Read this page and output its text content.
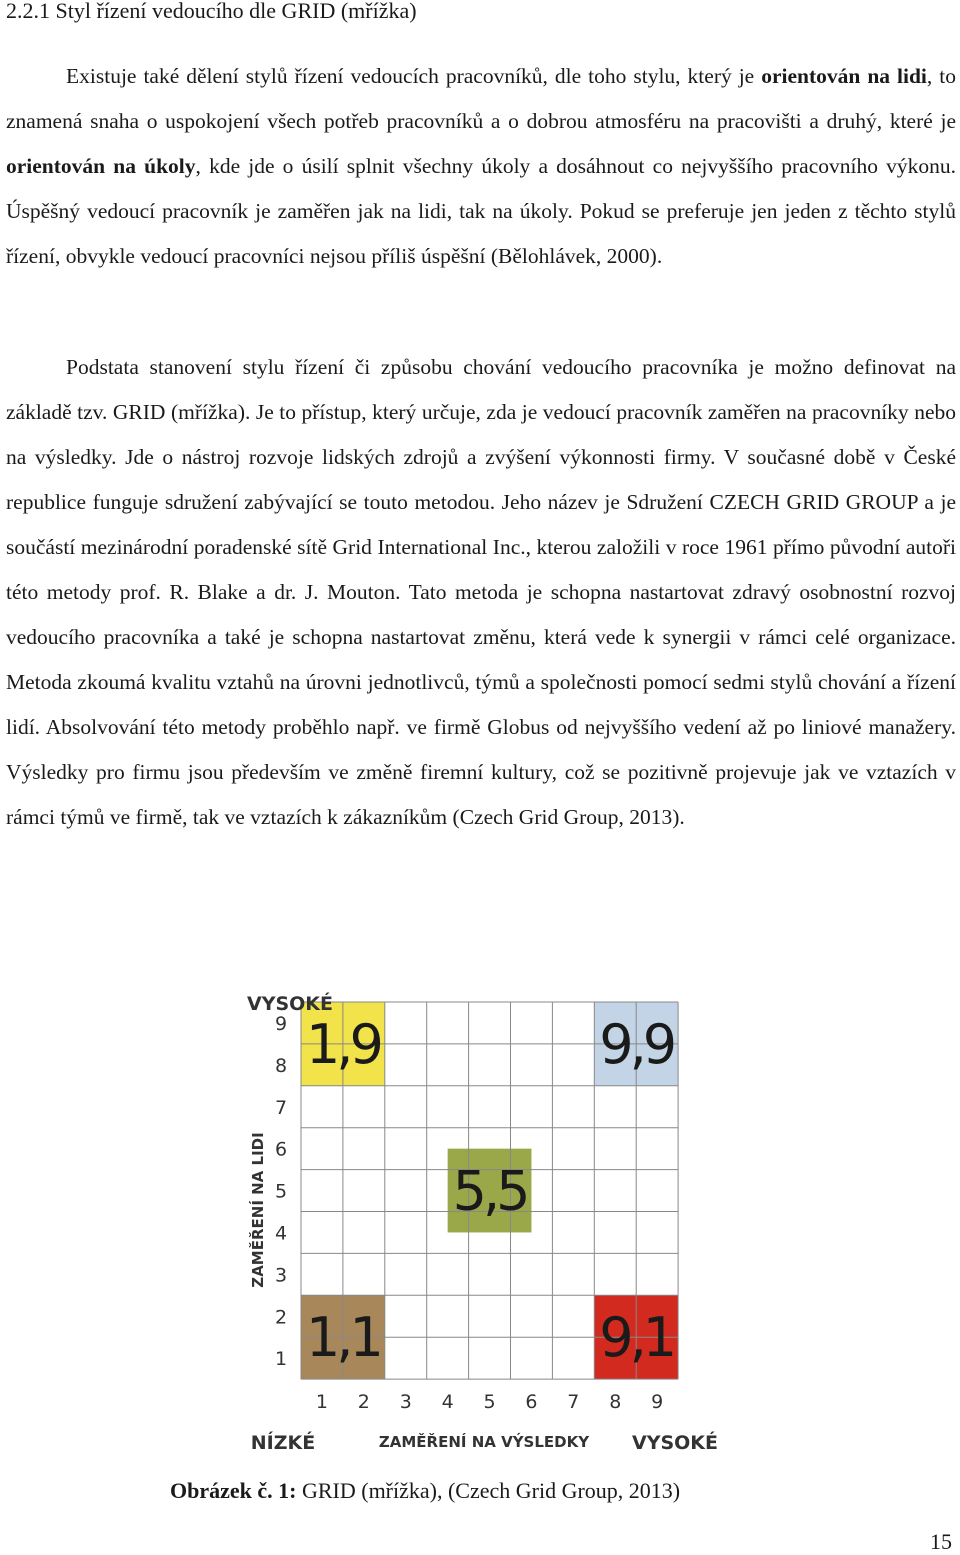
2.2.1 Styl řízení vedoucího dle GRID (mřížka)

Existuje také dělení stylů řízení vedoucích pracovníků, dle toho stylu, který je orientován na lidi, to znamená snaha o uspokojení všech potřeb pracovníků a o dobrou atmosféru na pracovišti a druhý, které je orientován na úkoly, kde jde o úsilí splnit všechny úkoly a dosáhnout co nejvyššího pracovního výkonu. Úspěšný vedoucí pracovník je zaměřen jak na lidi, tak na úkoly. Pokud se preferuje jen jeden z těchto stylů řízení, obvykle vedoucí pracovníci nejsou příliš úspěšní (Bělohlávek, 2000).

Podstata stanovení stylu řízení či způsobu chování vedoucího pracovníka je možno definovat na základě tzv. GRID (mřížka). Je to přístup, který určuje, zda je vedoucí pracovník zaměřen na pracovníky nebo na výsledky. Jde o nástroj rozvoje lidských zdrojů a zvýšení výkonnosti firmy. V současné době v České republice funguje sdružení zabývající se touto metodou. Jeho název je Sdružení CZECH GRID GROUP a je součástí mezinárodní poradenské sítě Grid International Inc., kterou založili v roce 1961 přímo původní autoři této metody prof. R. Blake a dr. J. Mouton. Tato metoda je schopna nastartovat zdravý osobnostní rozvoj vedoucího pracovníka a také je schopna nastartovat změnu, která vede k synergii v rámci celé organizace. Metoda zkoumá kvalitu vztahů na úrovni jednotlivců, týmů a společnosti pomocí sedmi stylů chování a řízení lidí. Absolvování této metody proběhlo např. ve firmě Globus od nejvyššího vedení až po liniové manažery. Výsledky pro firmu jsou především ve změně firemní kultury, což se pozitivně projevuje jak ve vztazích v rámci týmů ve firmě, tak ve vztazích k zákazníkům (Czech Grid Group, 2013).

1,9	9,9
5,5
1,1	9,1
1
2
3
4
5
6
7
8
9
1 2 3 4 5 6 7 8 9
VYSOKÉ
NÍZKÉ	ZAMĚŘENÍ NA VÝSLEDKY VYSOKÉ
ZAMĚŘENÍ NA LIDI
Obrázek č. 1: GRID (mřížka), (Czech Grid Group, 2013)
15
